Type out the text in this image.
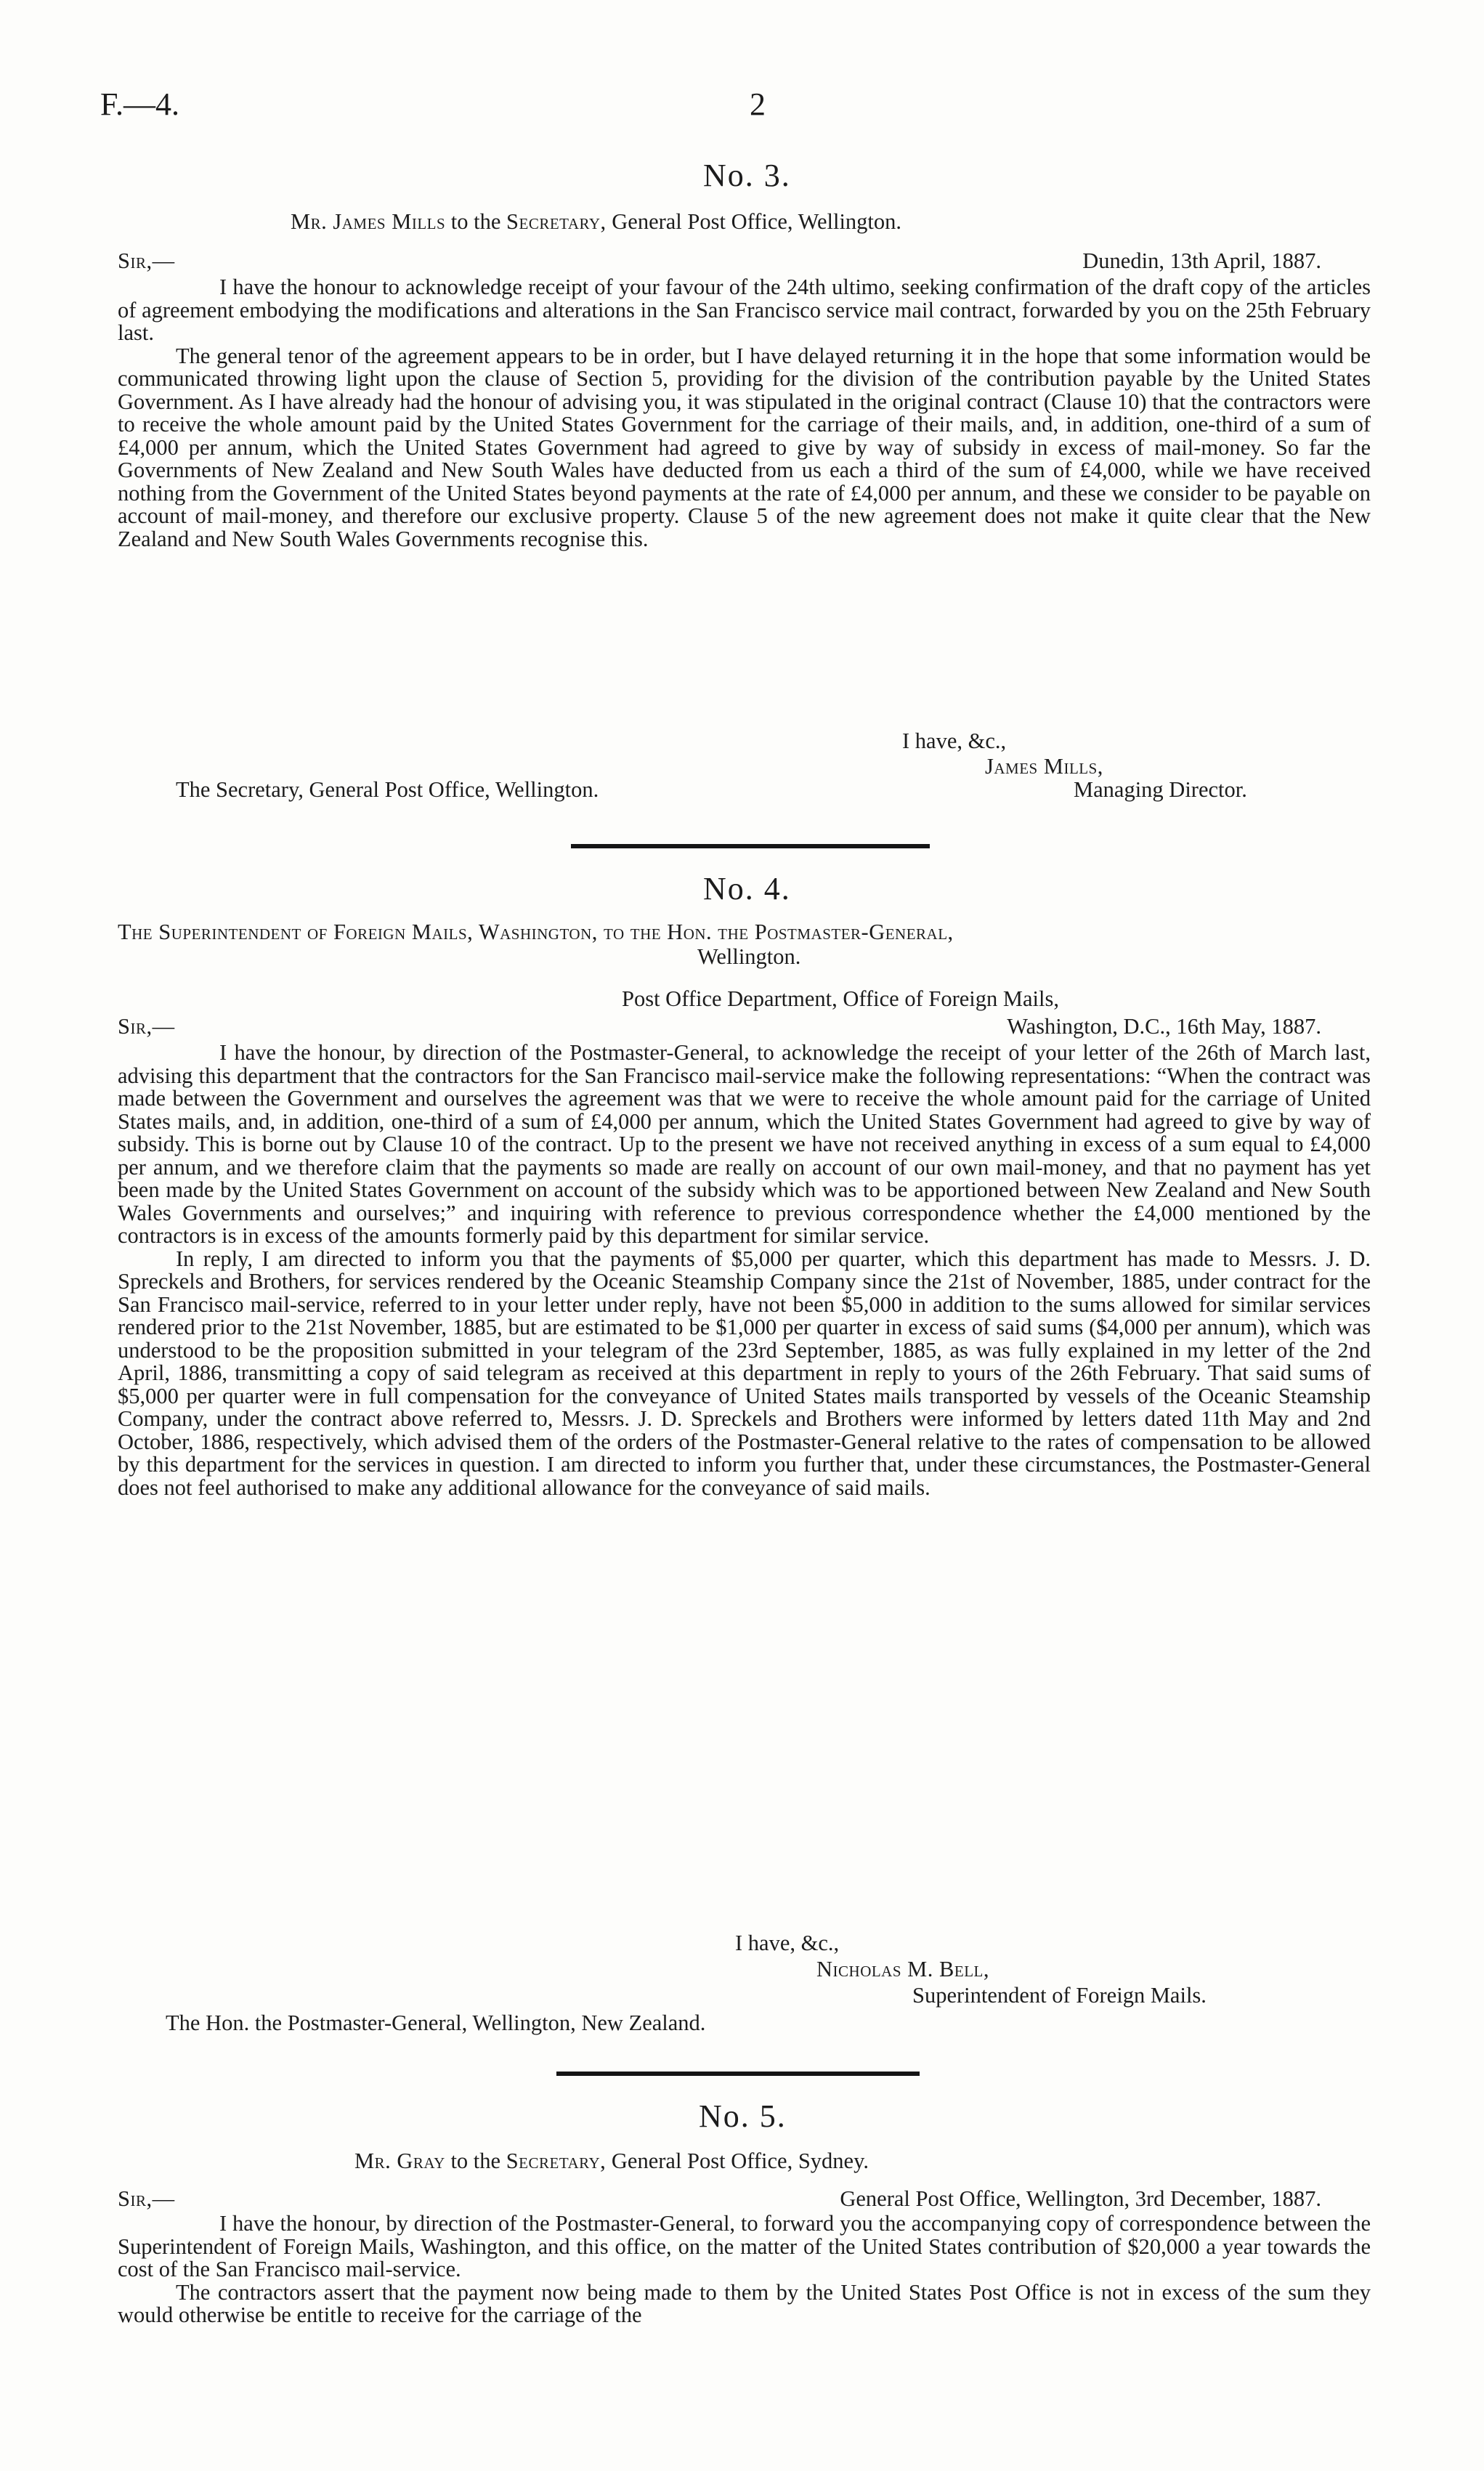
F.—4.	2
No. 3.
Mr. James Mills to the Secretary, General Post Office, Wellington.
Sir,—	Dunedin, 13th April, 1887.

I have the honour to acknowledge receipt of your favour of the 24th ultimo, seeking confirmation of the draft copy of the articles of agreement embodying the modifications and alterations in the San Francisco service mail contract, forwarded by you on the 25th February last.

The general tenor of the agreement appears to be in order, but I have delayed returning it in the hope that some information would be communicated throwing light upon the clause of Section 5, providing for the division of the contribution payable by the United States Government. As I have already had the honour of advising you, it was stipulated in the original contract (Clause 10) that the contractors were to receive the whole amount paid by the United States Government for the carriage of their mails, and, in addition, one-third of a sum of £4,000 per annum, which the United States Government had agreed to give by way of subsidy in excess of mail-money. So far the Governments of New Zealand and New South Wales have deducted from us each a third of the sum of £4,000, while we have received nothing from the Government of the United States beyond payments at the rate of £4,000 per annum, and these we consider to be payable on account of mail-money, and therefore our exclusive property. Clause 5 of the new agreement does not make it quite clear that the New Zealand and New South Wales Governments recognise this.

I have, &c.,
James Mills,
The Secretary, General Post Office, Wellington.	Managing Director.
No. 4.
The Superintendent of Foreign Mails, Washington, to the Hon. the Postmaster-General,
Wellington.
Post Office Department, Office of Foreign Mails,
Sir,—	Washington, D.C., 16th May, 1887.

I have the honour, by direction of the Postmaster-General, to acknowledge the receipt of your letter of the 26th of March last, advising this department that the contractors for the San Francisco mail-service make the following representations: “When the contract was made between the Government and ourselves the agreement was that we were to receive the whole amount paid for the carriage of United States mails, and, in addition, one-third of a sum of £4,000 per annum, which the United States Government had agreed to give by way of subsidy. This is borne out by Clause 10 of the contract. Up to the present we have not received anything in excess of a sum equal to £4,000 per annum, and we therefore claim that the payments so made are really on account of our own mail-money, and that no payment has yet been made by the United States Government on account of the subsidy which was to be apportioned between New Zealand and New South Wales Governments and ourselves;” and inquiring with reference to previous correspondence whether the £4,000 mentioned by the contractors is in excess of the amounts formerly paid by this department for similar service.

In reply, I am directed to inform you that the payments of $5,000 per quarter, which this department has made to Messrs. J. D. Spreckels and Brothers, for services rendered by the Oceanic Steamship Company since the 21st of November, 1885, under contract for the San Francisco mail-service, referred to in your letter under reply, have not been $5,000 in addition to the sums allowed for similar services rendered prior to the 21st November, 1885, but are estimated to be $1,000 per quarter in excess of said sums ($4,000 per annum), which was understood to be the proposition submitted in your telegram of the 23rd September, 1885, as was fully explained in my letter of the 2nd April, 1886, transmitting a copy of said telegram as received at this department in reply to yours of the 26th February. That said sums of $5,000 per quarter were in full compensation for the conveyance of United States mails transported by vessels of the Oceanic Steamship Company, under the contract above referred to, Messrs. J. D. Spreckels and Brothers were informed by letters dated 11th May and 2nd October, 1886, respectively, which advised them of the orders of the Postmaster-General relative to the rates of compensation to be allowed by this department for the services in question. I am directed to inform you further that, under these circumstances, the Postmaster-General does not feel authorised to make any additional allowance for the conveyance of said mails.

I have, &c.,
Nicholas M. Bell,
Superintendent of Foreign Mails.
The Hon. the Postmaster-General, Wellington, New Zealand.
No. 5.
Mr. Gray to the Secretary, General Post Office, Sydney.
Sir,—	General Post Office, Wellington, 3rd December, 1887.

I have the honour, by direction of the Postmaster-General, to forward you the accompanying copy of correspondence between the Superintendent of Foreign Mails, Washington, and this office, on the matter of the United States contribution of $20,000 a year towards the cost of the San Francisco mail-service.

The contractors assert that the payment now being made to them by the United States Post Office is not in excess of the sum they would otherwise be entitle to receive for the carriage of the
